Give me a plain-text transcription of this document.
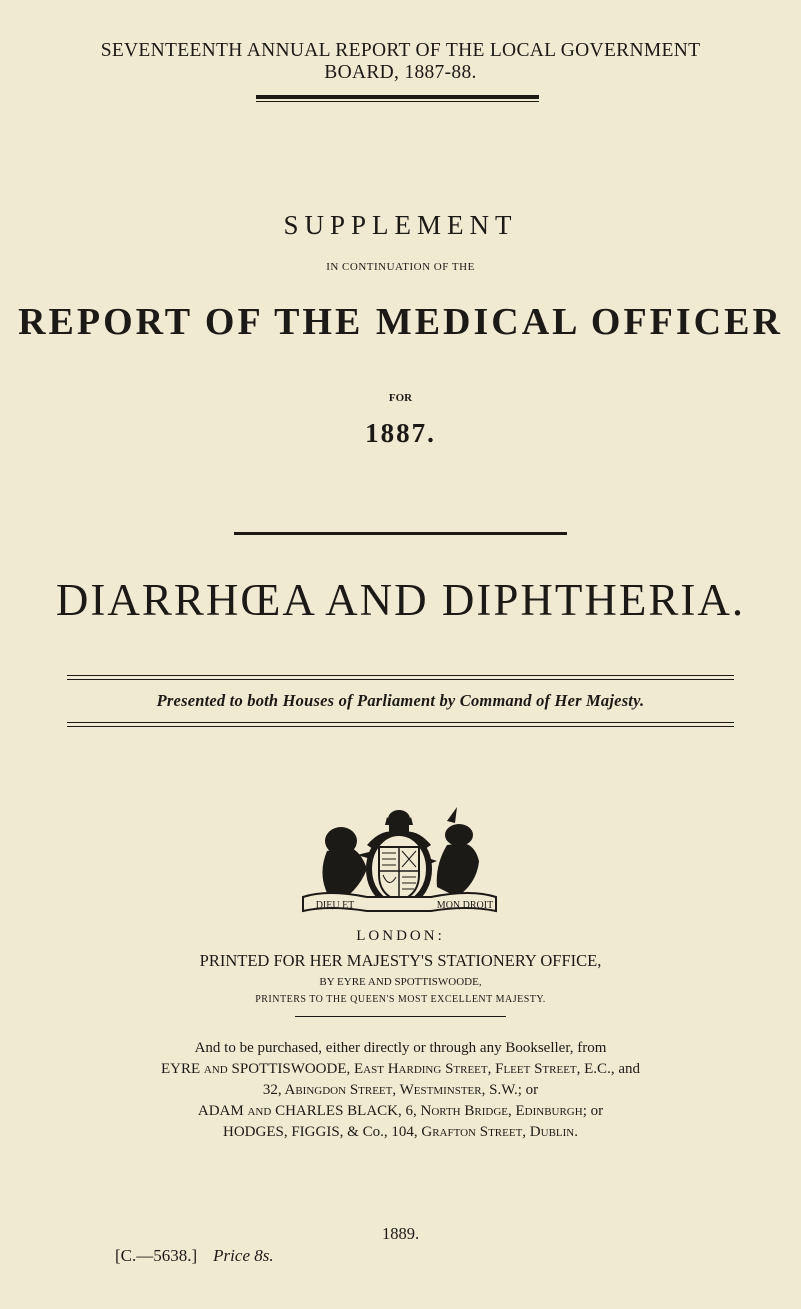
SEVENTEENTH ANNUAL REPORT OF THE LOCAL GOVERNMENT
BOARD, 1887-88.
SUPPLEMENT
IN CONTINUATION OF THE
REPORT OF THE MEDICAL OFFICER
FOR
1887.
DIARRHŒA AND DIPHTHERIA.
Presented to both Houses of Parliament by Command of Her Majesty.
DIEU ET	MON DROIT
LONDON:
PRINTED FOR HER MAJESTY'S STATIONERY OFFICE,
BY EYRE AND SPOTTISWOODE,
PRINTERS TO THE QUEEN'S MOST EXCELLENT MAJESTY.
And to be purchased, either directly or through any Bookseller, from
EYRE and SPOTTISWOODE, East Harding Street, Fleet Street, E.C., and
32, Abingdon Street, Westminster, S.W.; or
ADAM and CHARLES BLACK, 6, North Bridge, Edinburgh; or
HODGES, FIGGIS, & Co., 104, Grafton Street, Dublin.
1889.
[C.—5638.] Price 8s.
